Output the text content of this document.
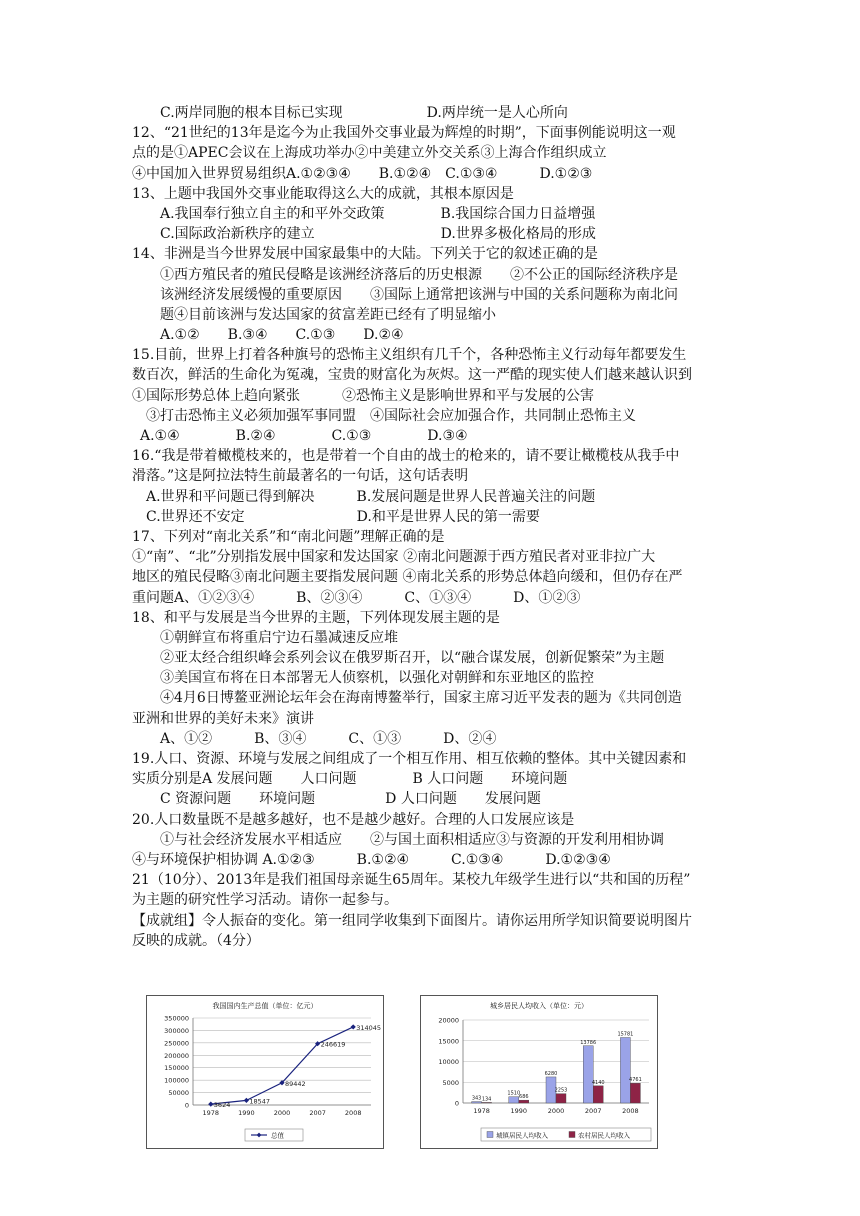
C.两岸同胞的根本目标已实现　　　　　　D.两岸统一是人心所向
12、“21世纪的13年是迄今为止我国外交事业最为辉煌的时期”，下面事例能说明这一观
点的是①APEC会议在上海成功举办②中美建立外交关系③上海合作组织成立
④中国加入世界贸易组织A.①②③④　　B.①②④　C.①③④　　　D.①②③
13、上题中我国外交事业能取得这么大的成就，其根本原因是
A.我国奉行独立自主的和平外交政策　　　　B.我国综合国力日益增强
C.国际政治新秩序的建立　　　　　　　　　D.世界多极化格局的形成
14、非洲是当今世界发展中国家最集中的大陆。下列关于它的叙述正确的是
①西方殖民者的殖民侵略是该洲经济落后的历史根源　　②不公正的国际经济秩序是
该洲经济发展缓慢的重要原因　　③国际上通常把该洲与中国的关系问题称为南北问
题④目前该洲与发达国家的贫富差距已经有了明显缩小
A.①②　　B.③④　　C.①③　　D.②④
15.目前，世界上打着各种旗号的恐怖主义组织有几千个，各种恐怖主义行动每年都要发生
数百次，鲜活的生命化为冤魂，宝贵的财富化为灰烬。这一严酷的现实使人们越来越认识到
①国际形势总体上趋向紧张　　　②恐怖主义是影响世界和平与发展的公害
③打击恐怖主义必须加强军事同盟　④国际社会应加强合作，共同制止恐怖主义
A.①④　　　　B.②④　　　　C.①③　　　　D.③④
16.“我是带着橄榄枝来的，也是带着一个自由的战士的枪来的，请不要让橄榄枝从我手中
滑落。”这是阿拉法特生前最著名的一句话，这句话表明
A.世界和平问题已得到解决　　　B.发展问题是世界人民普遍关注的问题
C.世界还不安定　　　　　　　　D.和平是世界人民的第一需要
17、下列对“南北关系”和“南北问题”理解正确的是
①“南”、“北”分别指发展中国家和发达国家 ②南北问题源于西方殖民者对亚非拉广大
地区的殖民侵略③南北问题主要指发展问题 ④南北关系的形势总体趋向缓和，但仍存在严
重问题A、①②③④　　　B、②③④　　　C、①③④　　　D、①②③
18、和平与发展是当今世界的主题，下列体现发展主题的是
①朝鲜宣布将重启宁边石墨减速反应堆
②亚太经合组织峰会系列会议在俄罗斯召开，以“融合谋发展，创新促繁荣”为主题
③美国宣布将在日本部署无人侦察机，以强化对朝鲜和东亚地区的监控
④4月6日博鳌亚洲论坛年会在海南博鳌举行，国家主席习近平发表的题为《共同创造
亚洲和世界的美好未来》演讲
A、①②　　　B、③④　　　C、①③　　　D、②④
19.人口、资源、环境与发展之间组成了一个相互作用、相互依赖的整体。其中关键因素和
实质分别是A 发展问题　　人口问题　　　　B 人口问题　　环境问题
C 资源问题　　环境问题　　　　　D 人口问题　　发展问题
20.人口数量既不是越多越好，也不是越少越好。合理的人口发展应该是
①与社会经济发展水平相适应　　②与国土面积相适应③与资源的开发利用相协调
④与环境保护相协调 A.①②③　　　B.①②④　　　C.①③④　　　D.①②③④
21（10分）、2013年是我们祖国母亲诞生65周年。某校九年级学生进行以“共和国的历程”
为主题的研究性学习活动。请你一起参与。
【成就组】令人振奋的变化。第一组同学收集到下面图片。请你运用所学知识简要说明图片
反映的成就。（4分）
我国国内生产总值（单位：亿元）
0
50000
100000
150000
200000
250000
300000
350000
1978	1990	2000	2007	2008
3624	18547
89442
246619
314045
总值
城乡居民人均收入（单位：元）
0
5000
10000
15000
20000
1978
343 134
1990
1510
686
2000
6280
2253
2007
13786
4140
2008
15781
4761
城镇居民人均收入	农村居民人均收入
